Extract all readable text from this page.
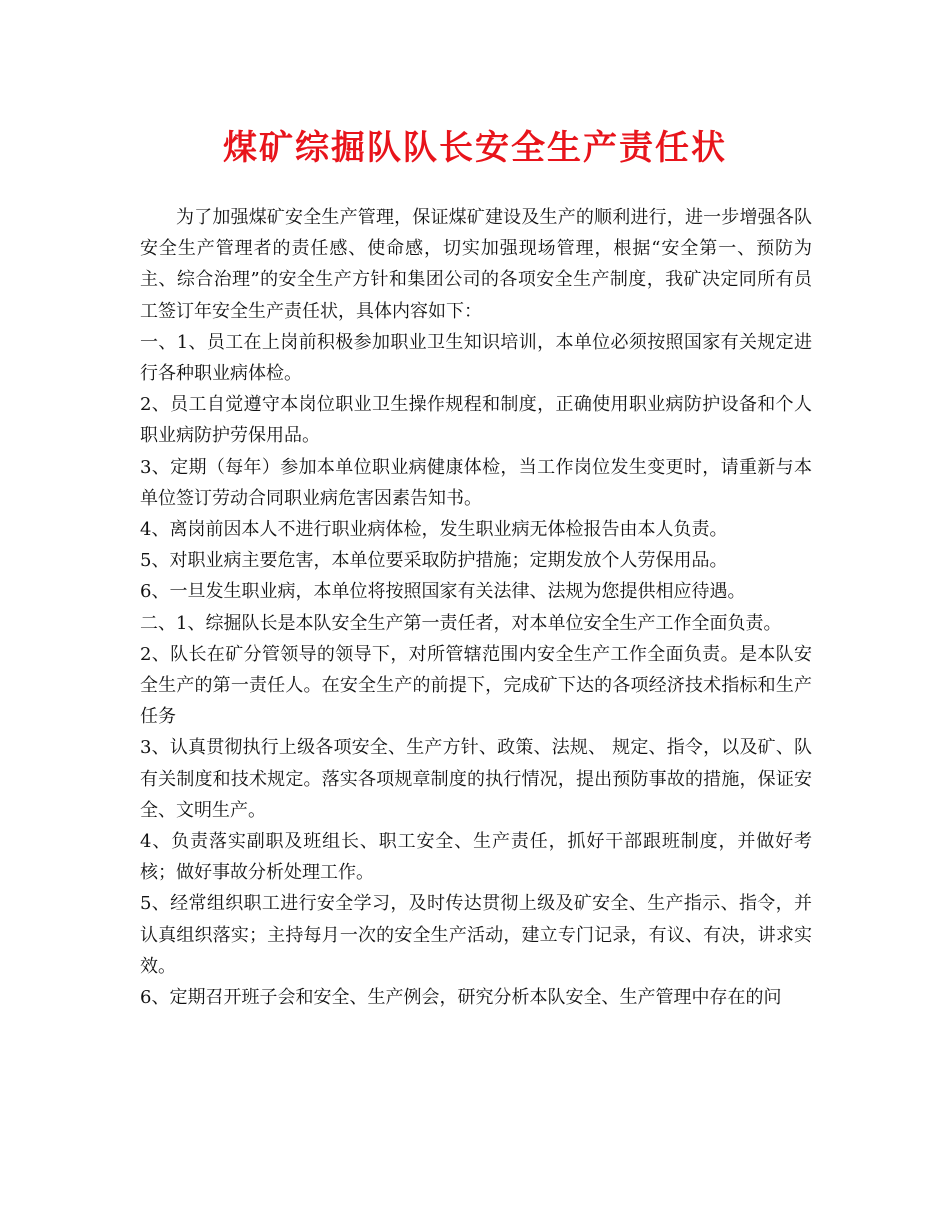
煤矿综掘队队长安全生产责任状

为了加强煤矿安全生产管理，保证煤矿建设及生产的顺利进行，进一步增强各队安全生产管理者的责任感、使命感，切实加强现场管理，根据“安全第一、预防为主、综合治理”的安全生产方针和集团公司的各项安全生产制度，我矿决定同所有员工签订年安全生产责任状，具体内容如下：

一、1、员工在上岗前积极参加职业卫生知识培训，本单位必须按照国家有关规定进行各种职业病体检。

2、员工自觉遵守本岗位职业卫生操作规程和制度，正确使用职业病防护设备和个人职业病防护劳保用品。

3、定期（每年）参加本单位职业病健康体检，当工作岗位发生变更时，请重新与本单位签订劳动合同职业病危害因素告知书。

4、离岗前因本人不进行职业病体检，发生职业病无体检报告由本人负责。

5、对职业病主要危害，本单位要采取防护措施；定期发放个人劳保用品。

6、一旦发生职业病，本单位将按照国家有关法律、法规为您提供相应待遇。

二、1、综掘队长是本队安全生产第一责任者，对本单位安全生产工作全面负责。

2、队长在矿分管领导的领导下，对所管辖范围内安全生产工作全面负责。是本队安全生产的第一责任人。在安全生产的前提下，完成矿下达的各项经济技术指标和生产任务

3、认真贯彻执行上级各项安全、生产方针、政策、法规、 规定、指令，以及矿、队有关制度和技术规定。落实各项规章制度的执行情况，提出预防事故的措施，保证安全、文明生产。

4、负责落实副职及班组长、职工安全、生产责任，抓好干部跟班制度，并做好考核；做好事故分析处理工作。

5、经常组织职工进行安全学习，及时传达贯彻上级及矿安全、生产指示、指令，并认真组织落实；主持每月一次的安全生产活动，建立专门记录，有议、有决，讲求实效。

6、定期召开班子会和安全、生产例会，研究分析本队安全、生产管理中存在的问
